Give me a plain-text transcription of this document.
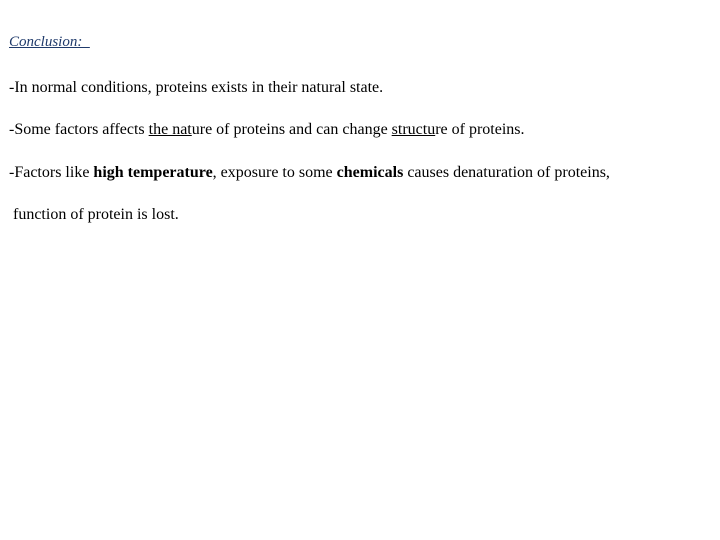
Conclusion:
-In normal conditions, proteins exists in their natural state.
-Some factors affects the nature of proteins and can change structure of proteins.
-Factors like high temperature, exposure to some chemicals causes denaturation of proteins,
function of protein is lost.
